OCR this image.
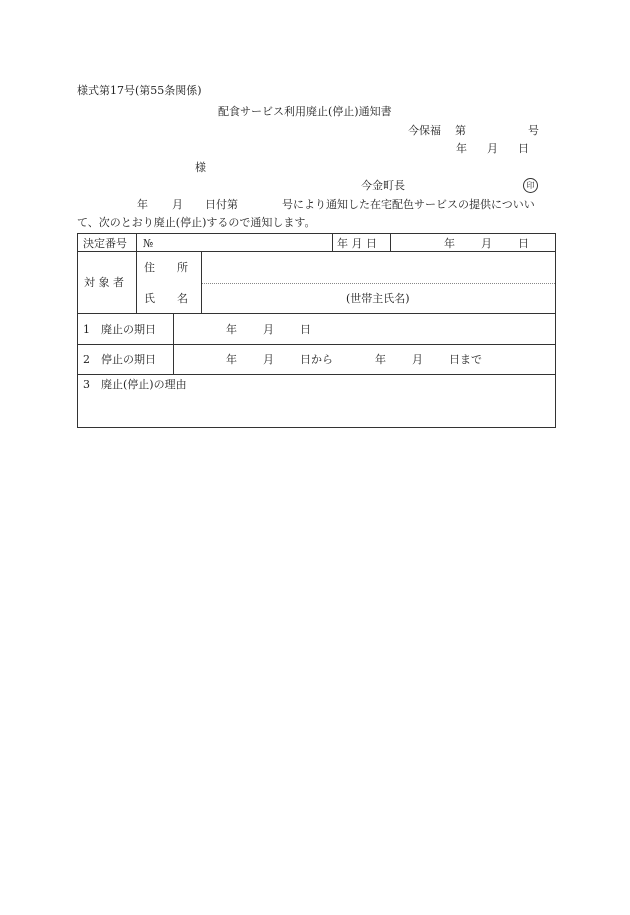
様式第17号(第55条関係)
配食サービス利用廃止(停止)通知書
今保福 第	号
年 月 日
様
今金町長	印
年 月 日付第	号により通知した在宅配色サービスの提供についい
て、次のとおり廃止(停止)するので通知します。
決定番号 №	年 月 日	年 月 日
対 象 者
住　　所
氏　　名	(世帯主氏名)
1　廃止の期日	年 月 日
2　停止の期日	年 月 日から	年 月 日まで
3　廃止(停止)の理由
